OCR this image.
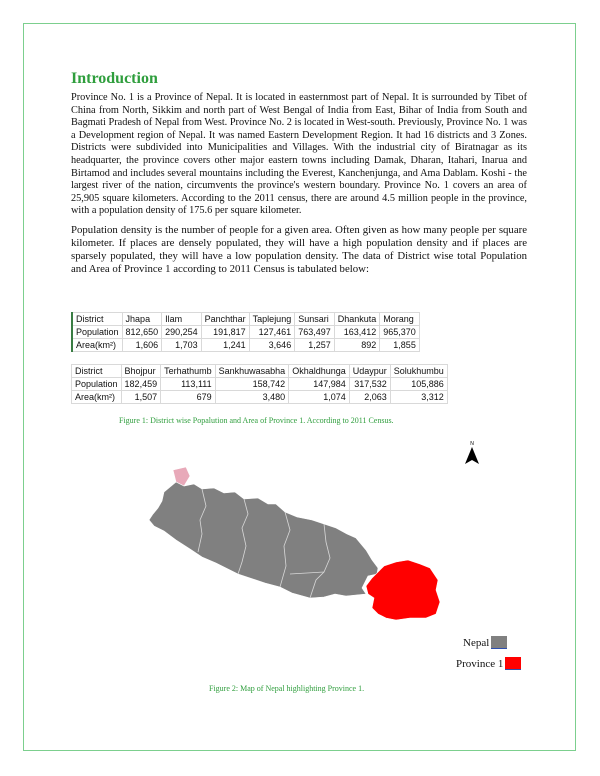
Introduction

Province No. 1 is a Province of Nepal. It is located in easternmost part of Nepal. It is surrounded by Tibet of China from North, Sikkim and north part of West Bengal of India from East, Bihar of India from South and Bagmati Pradesh of Nepal from West. Province No. 2 is located in West-south. Previously, Province No. 1 was a Development region of Nepal. It was named Eastern Development Region. It had 16 districts and 3 Zones. Districts were subdivided into Municipalities and Villages. With the industrial city of Biratnagar as its headquarter, the province covers other major eastern towns including Damak, Dharan, Itahari, Inarua and Birtamod and includes several mountains including the Everest, Kanchenjunga, and Ama Dablam. Koshi - the largest river of the nation, circumvents the province's western boundary. Province No. 1 covers an area of 25,905 square kilometers. According to the 2011 census, there are around 4.5 million people in the province, with a population density of 175.6 per square kilometer.

Population density is the number of people for a given area. Often given as how many people per square kilometer. If places are densely populated, they will have a high population density and if places are sparsely populated, they will have a low population density. The data of District wise total Population and Area of Province 1 according to 2011 Census is tabulated below:

District	Jhapa	Ilam	Panchthar	Taplejung	Sunsari	Dhankuta	Morang
Population	812,650	290,254	191,817	127,461	763,497	163,412	965,370
Area(km²)	1,606	1,703	1,241	3,646	1,257	892	1,855
District	Bhojpur	Terhathumb	Sankhuwasabha	Okhaldhunga	Udaypur	Solukhumbu
Population	182,459	113,111	158,742	147,984	317,532	105,886
Area(km²)	1,507	679	3,480	1,074	2,063	3,312
Figure 1: District wise Popalution and Area of Province 1. According to 2011 Census.
N
Nepal
Province 1
Figure 2: Map of Nepal highlighting Province 1.
